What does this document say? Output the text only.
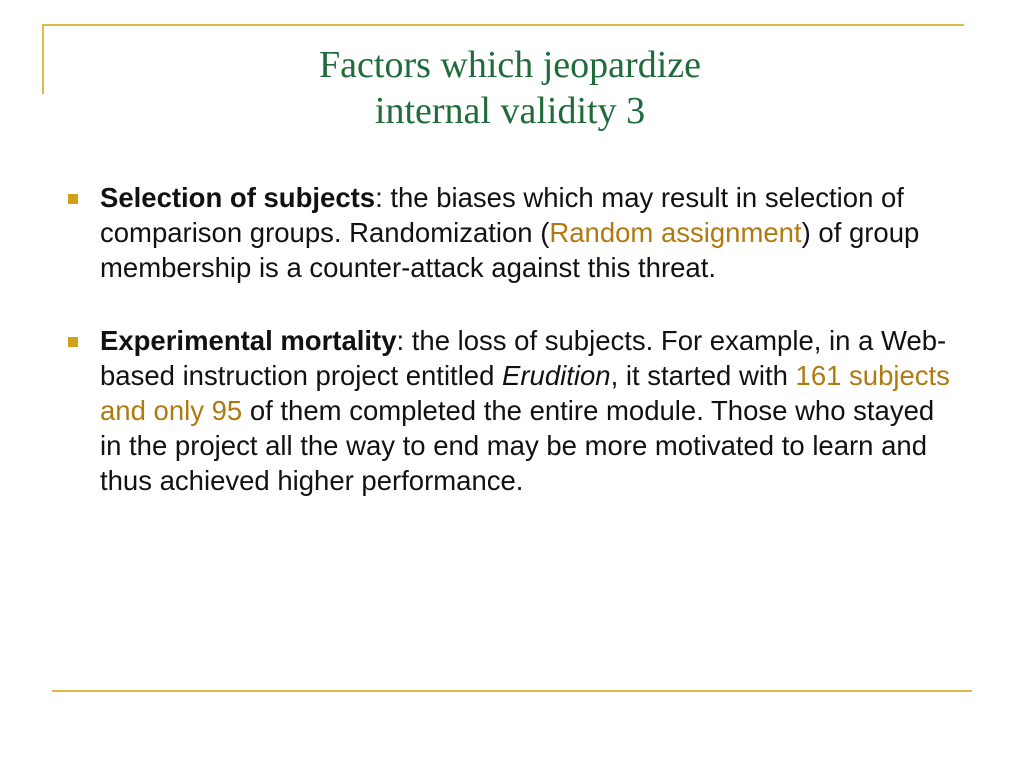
Factors which jeopardize
internal validity 3
Selection of subjects: the biases which may result in selection of comparison groups. Randomization (Random assignment) of group membership is a counter-attack against this threat.
Experimental mortality: the loss of subjects. For example, in a Web-based instruction project entitled Erudition, it started with 161 subjects and only 95 of them completed the entire module. Those who stayed in the project all the way to end may be more motivated to learn and thus achieved higher performance.
